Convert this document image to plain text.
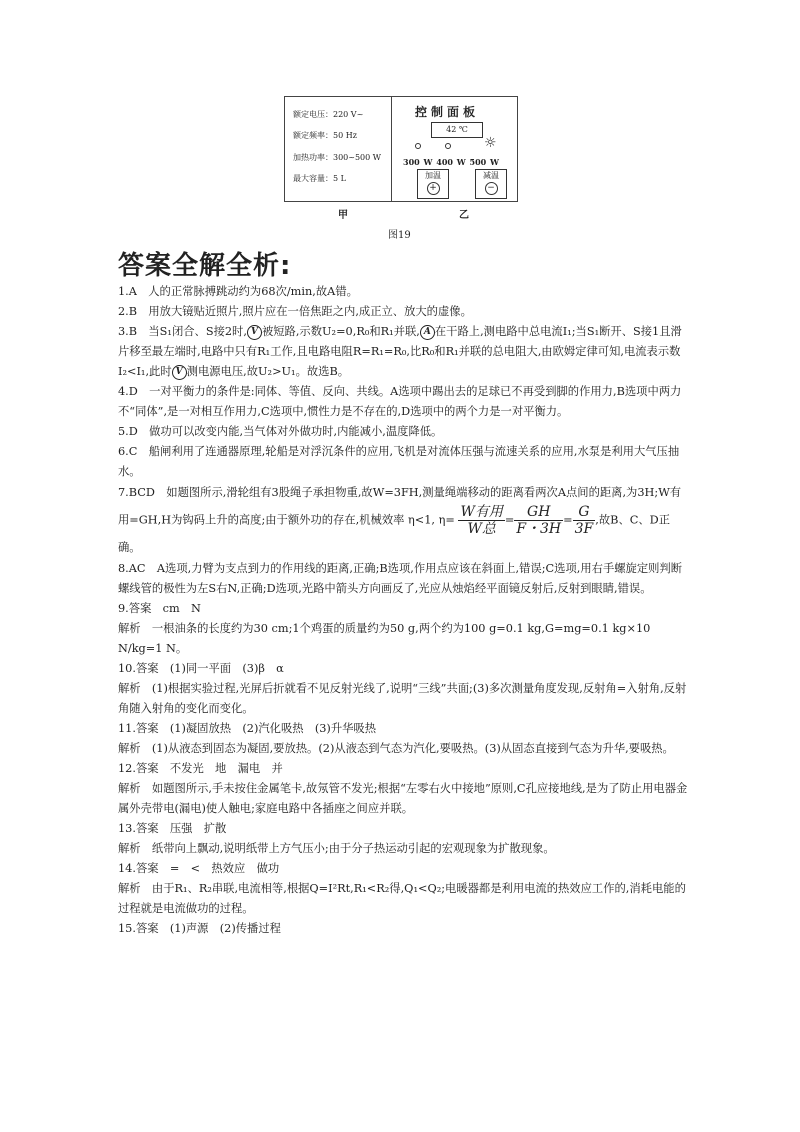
额定电压：220 V~
额定频率：50 Hz
加热功率：300~500 W
最大容量：5 L
控制面板
42 ℃
☼
300 W 400 W 500 W
加温
+
减温
−
甲	乙
图19
答案全解全析:

1.A　人的正常脉搏跳动约为68次/min,故A错。

2.B　用放大镜贴近照片,照片应在一倍焦距之内,成正立、放大的虚像。

3.B　当S₁闭合、S接2时, V 被短路,示数U₂=0,R₀和R₁并联, A 在干路上,测电路中总电流I₁;当S₁断开、S接1且滑片移至最左端时,电路中只有R₁工作,且电路电阻R=R₁=R₀,比R₀和R₁并联的总电阻大,由欧姆定律可知,电流表示数I₂<I₁,此时 V 测电源电压,故U₂>U₁。故选B。

4.D　一对平衡力的条件是:同体、等值、反向、共线。A选项中踢出去的足球已不再受到脚的作用力,B选项中两力不“同体”,是一对相互作用力,C选项中,惯性力是不存在的,D选项中的两个力是一对平衡力。

5.D　做功可以改变内能,当气体对外做功时,内能减小,温度降低。

6.C　船闸利用了连通器原理,轮船是对浮沉条件的应用,飞机是对流体压强与流速关系的应用,水泵是利用大气压抽水。

7.BCD　如题图所示,滑轮组有3股绳子承担物重,故W=3FH,测量绳端移动的距离看两次A点间的距离,为3H;W有用=GH,H为钩码上升的高度;由于额外功的存在,机械效率 η<1, $\eta= \frac{\text{W有用}}{\text{W总}} = \frac{GH}{F・3H} = \frac{G}{3F}$ ,故B、C、D正确。

8.AC　A选项,力臂为支点到力的作用线的距离,正确;B选项,作用点应该在斜面上,错误;C选项,用右手螺旋定则判断螺线管的极性为左S右N,正确;D选项,光路中箭头方向画反了,光应从烛焰经平面镜反射后,反射到眼睛,错误。

9.答案　cm　N

解析　一根油条的长度约为30 cm;1个鸡蛋的质量约为50 g,两个约为100 g=0.1 kg,G=mg=0.1 kg×10 N/kg=1 N。

10.答案　(1)同一平面　(3)β　α

解析　(1)根据实验过程,光屏后折就看不见反射光线了,说明“三线”共面;(3)多次测量角度发现,反射角=入射角,反射角随入射角的变化而变化。

11.答案　(1)凝固放热　(2)汽化吸热　(3)升华吸热

解析　(1)从液态到固态为凝固,要放热。(2)从液态到气态为汽化,要吸热。(3)从固态直接到气态为升华,要吸热。

12.答案　不发光　地　漏电　并

解析　如题图所示,手未按住金属笔卡,故氖管不发光;根据“左零右火中接地”原则,C孔应接地线,是为了防止用电器金属外壳带电(漏电)使人触电;家庭电路中各插座之间应并联。

13.答案　压强　扩散

解析　纸带向上飘动,说明纸带上方气压小;由于分子热运动引起的宏观现象为扩散现象。

14.答案　=　<　热效应　做功

解析　由于R₁、R₂串联,电流相等,根据Q=I²Rt,R₁<R₂得,Q₁<Q₂;电暖器都是利用电流的热效应工作的,消耗电能的过程就是电流做功的过程。

15.答案　(1)声源　(2)传播过程
